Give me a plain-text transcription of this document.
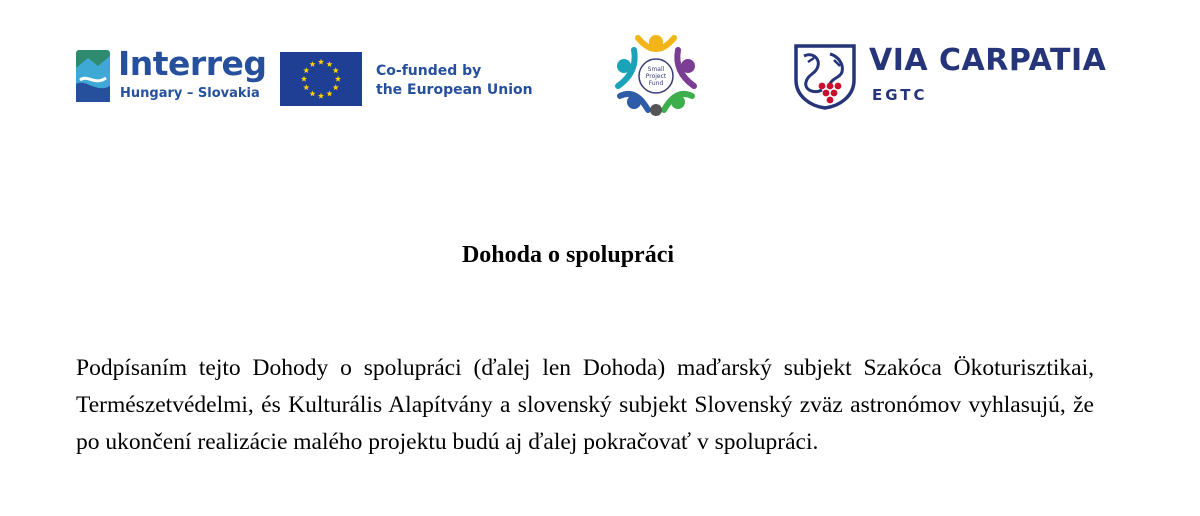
Interreg
Hungary – Slovakia
Co-funded by
the European Union
Small
Project
Fund
VIA CARPATIA
EGTC
Dohoda o spolupráci

Podpísaním tejto Dohody o spolupráci (ďalej len Dohoda) maďarský subjekt Szakóca Ökoturisztikai, Természetvédelmi, és Kulturális Alapítvány a slovenský subjekt Slovenský zväz astronómov vyhlasujú, že po ukončení realizácie malého projektu budú aj ďalej pokračovať v spolupráci.
